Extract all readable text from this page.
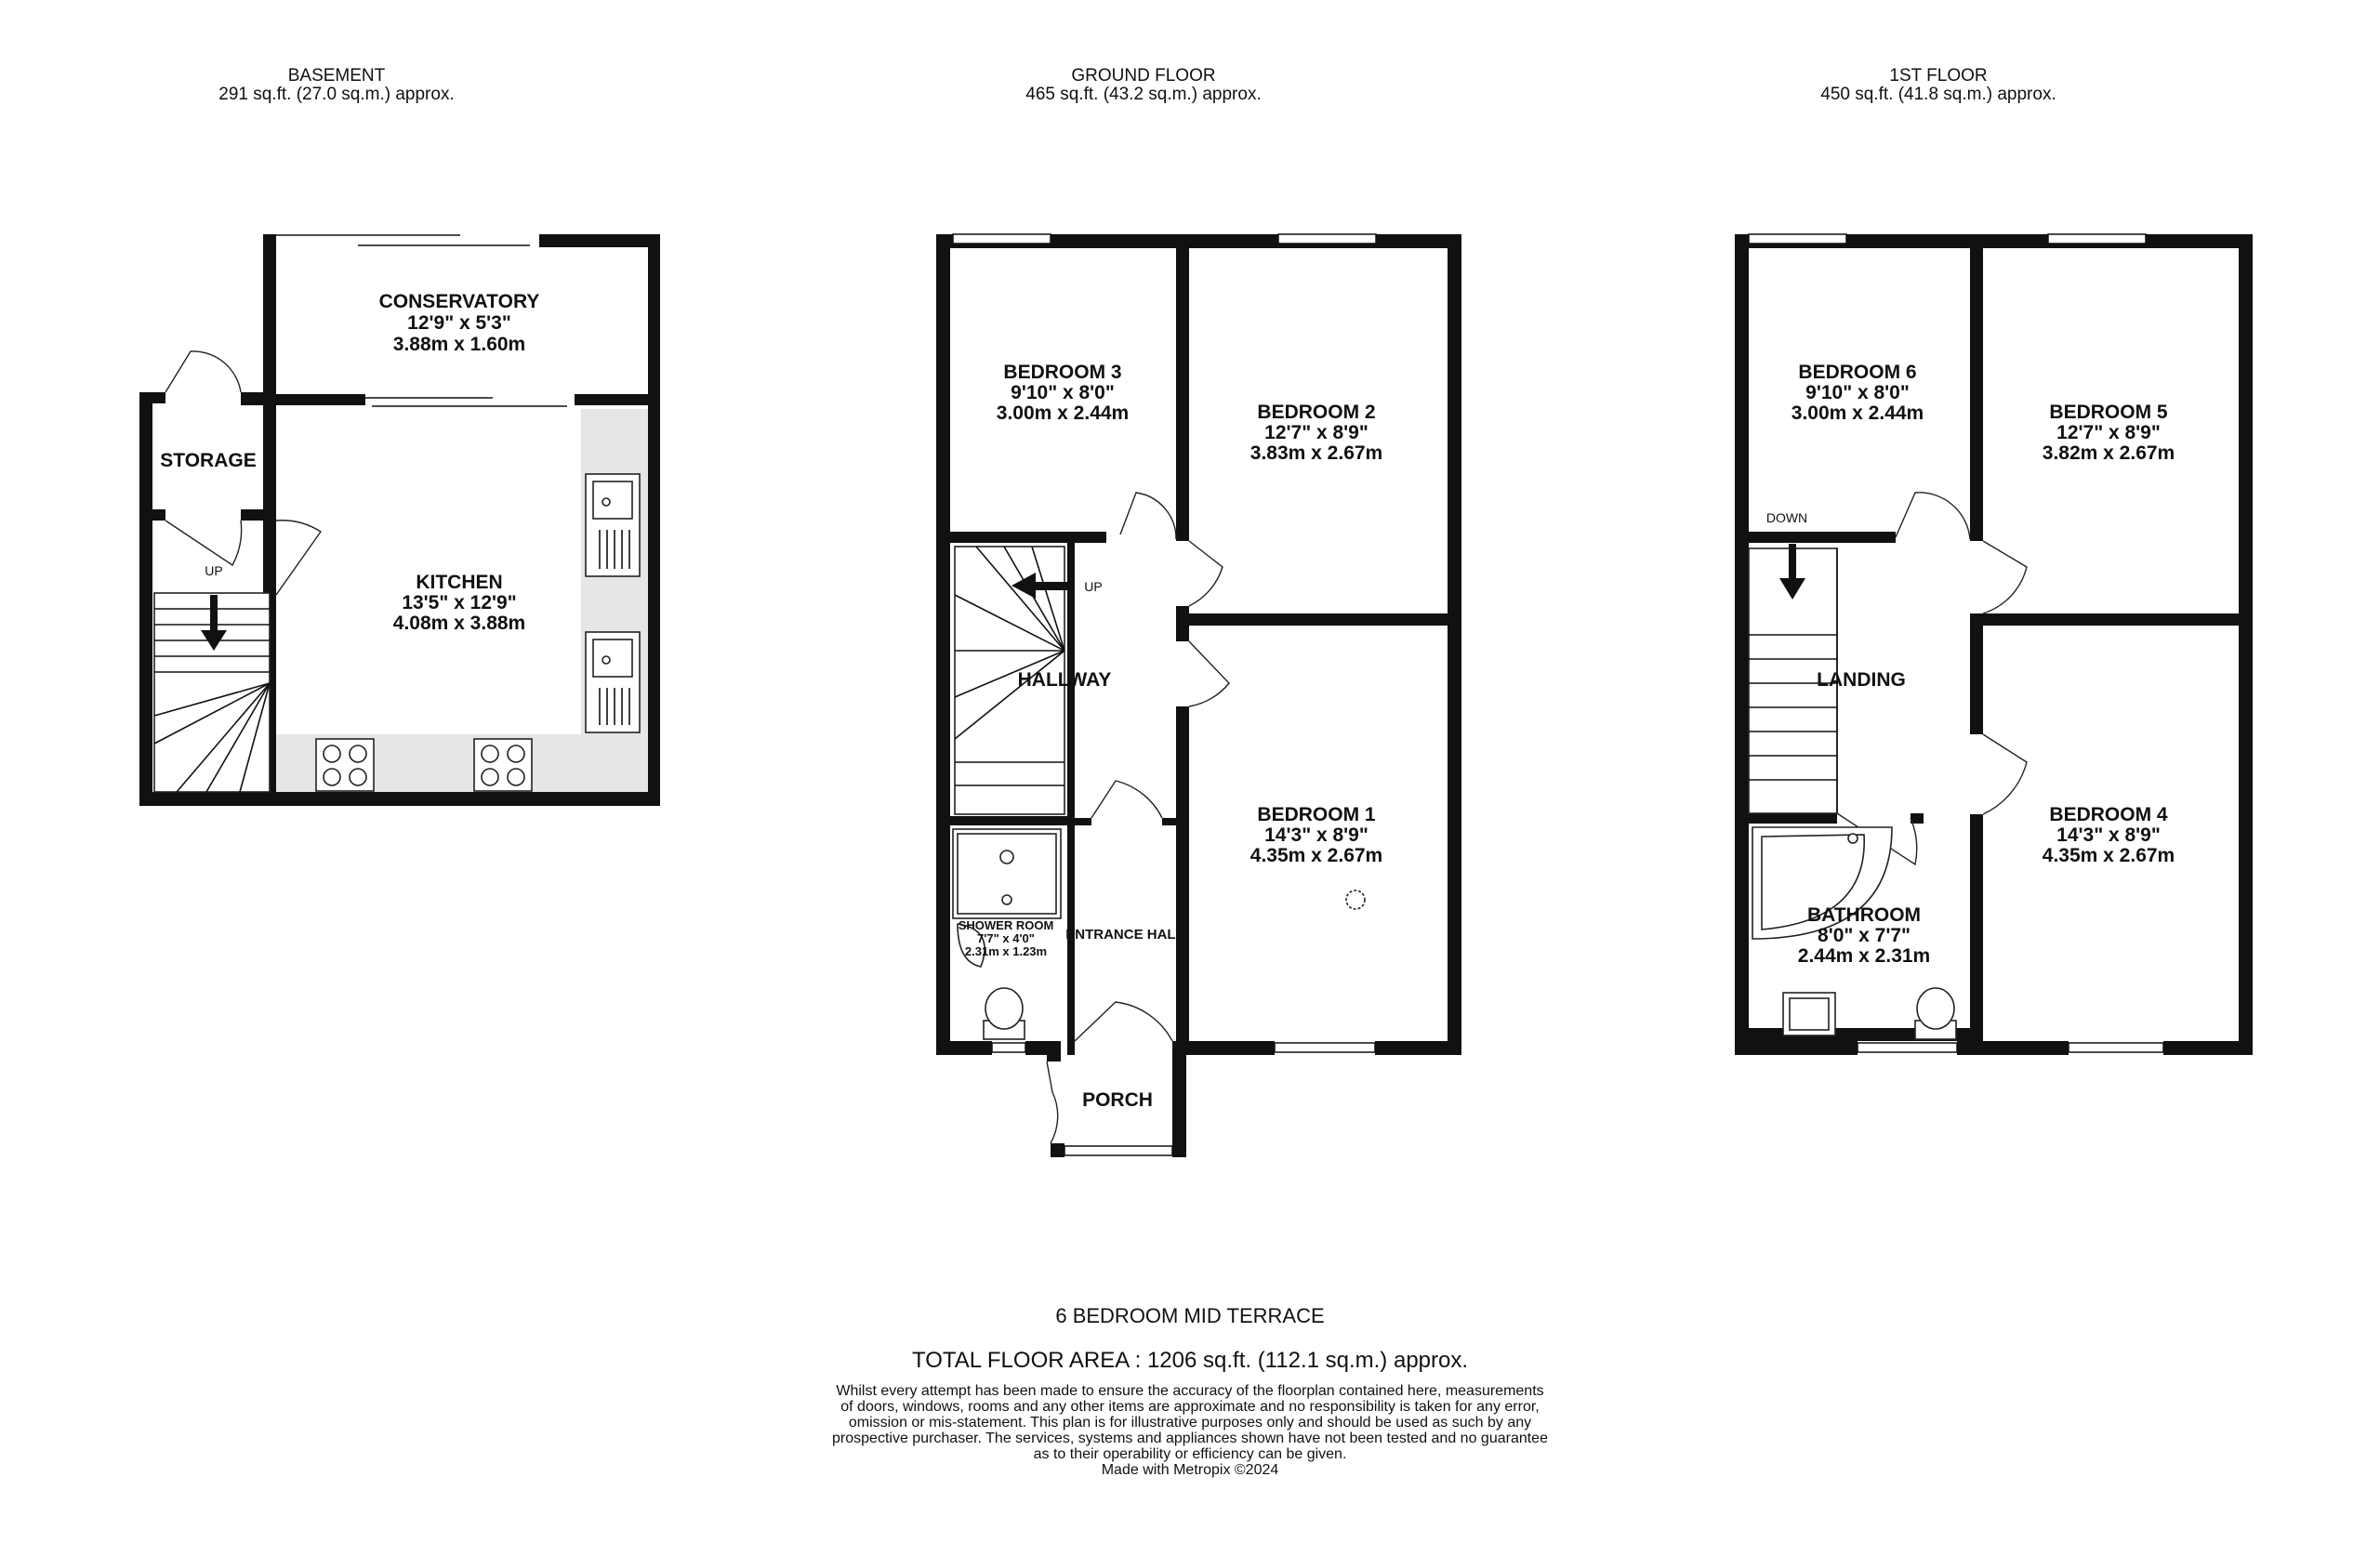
BASEMENT
291 sq.ft. (27.0 sq.m.) approx.
GROUND FLOOR
465 sq.ft. (43.2 sq.m.) approx.
1ST FLOOR
450 sq.ft. (41.8 sq.m.) approx.
CONSERVATORY
12'9" x 5'3"
3.88m x 1.60m
STORAGE
UP
KITCHEN
13'5" x 12'9"
4.08m x 3.88m
BEDROOM 3
9'10" x 8'0"
3.00m x 2.44m	BEDROOM 2
12'7" x 8'9"
3.83m x 2.67m
UP
HALLWAY
BEDROOM 1
14'3" x 8'9"
4.35m x 2.67m
SHOWER ROOM
7'7" x 4'0"
2.31m x 1.23m
ENTRANCE HALL
PORCH
BEDROOM 6
9'10" x 8'0"
3.00m x 2.44m	BEDROOM 5
12'7" x 8'9"
3.82m x 2.67m
DOWN
LANDING
BEDROOM 4
14'3" x 8'9"
4.35m x 2.67m
BATHROOM
8'0" x 7'7"
2.44m x 2.31m
6 BEDROOM MID TERRACE
TOTAL FLOOR AREA : 1206 sq.ft. (112.1 sq.m.) approx.
Whilst every attempt has been made to ensure the accuracy of the floorplan contained here, measurements
of doors, windows, rooms and any other items are approximate and no responsibility is taken for any error,
omission or mis-statement. This plan is for illustrative purposes only and should be used as such by any
prospective purchaser. The services, systems and appliances shown have not been tested and no guarantee
as to their operability or efficiency can be given.
Made with Metropix ©2024
